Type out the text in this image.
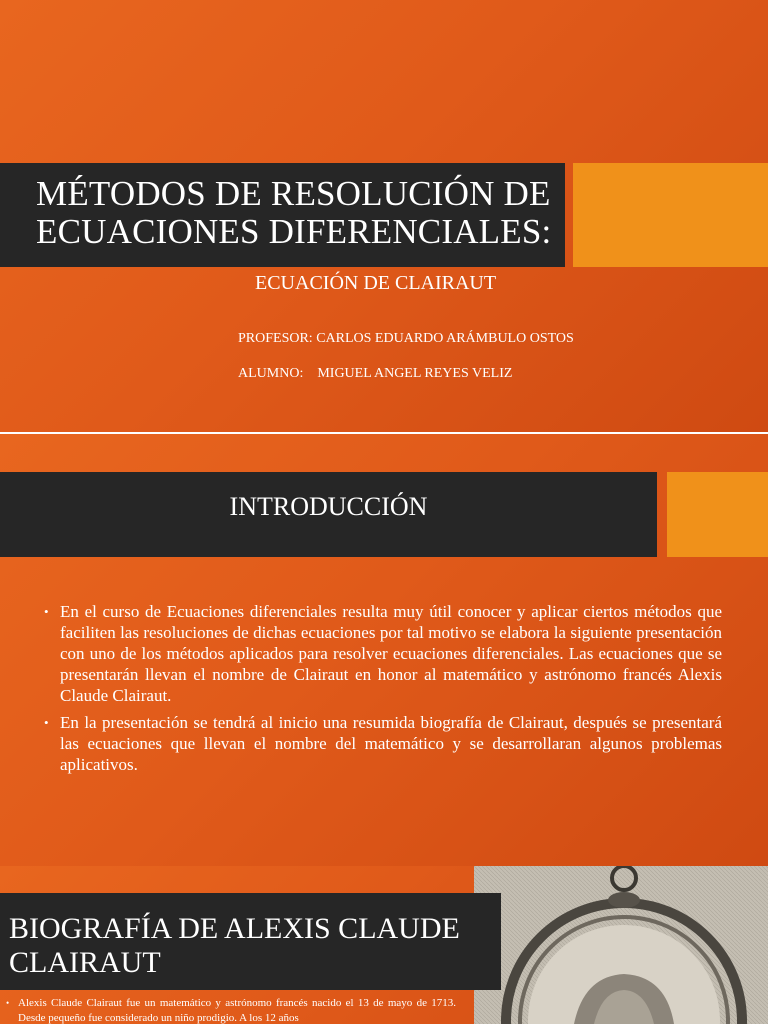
MÉTODOS DE RESOLUCIÓN DE ECUACIONES DIFERENCIALES:
ECUACIÓN DE CLAIRAUT
PROFESOR: CARLOS EDUARDO ARÁMBULO OSTOS
ALUMNO:    MIGUEL ANGEL REYES VELIZ
INTRODUCCIÓN
• En el curso de Ecuaciones diferenciales resulta muy útil conocer y aplicar ciertos métodos que faciliten las resoluciones de dichas ecuaciones por tal motivo se elabora la siguiente presentación con uno de los métodos aplicados para resolver ecuaciones diferenciales. Las ecuaciones que se presentarán llevan el nombre de Clairaut en honor al matemático y astrónomo francés Alexis Claude Clairaut.
• En la presentación se tendrá al inicio una resumida biografía de Clairaut, después se presentará las ecuaciones que llevan el nombre del matemático y se desarrollaran algunos problemas aplicativos.
BIOGRAFÍA DE ALEXIS CLAUDE CLAIRAUT
• Alexis Claude Clairaut fue un matemático y astrónomo francés nacido el 13 de mayo de 1713. Desde pequeño fue considerado un niño prodigio. A los 12 años
